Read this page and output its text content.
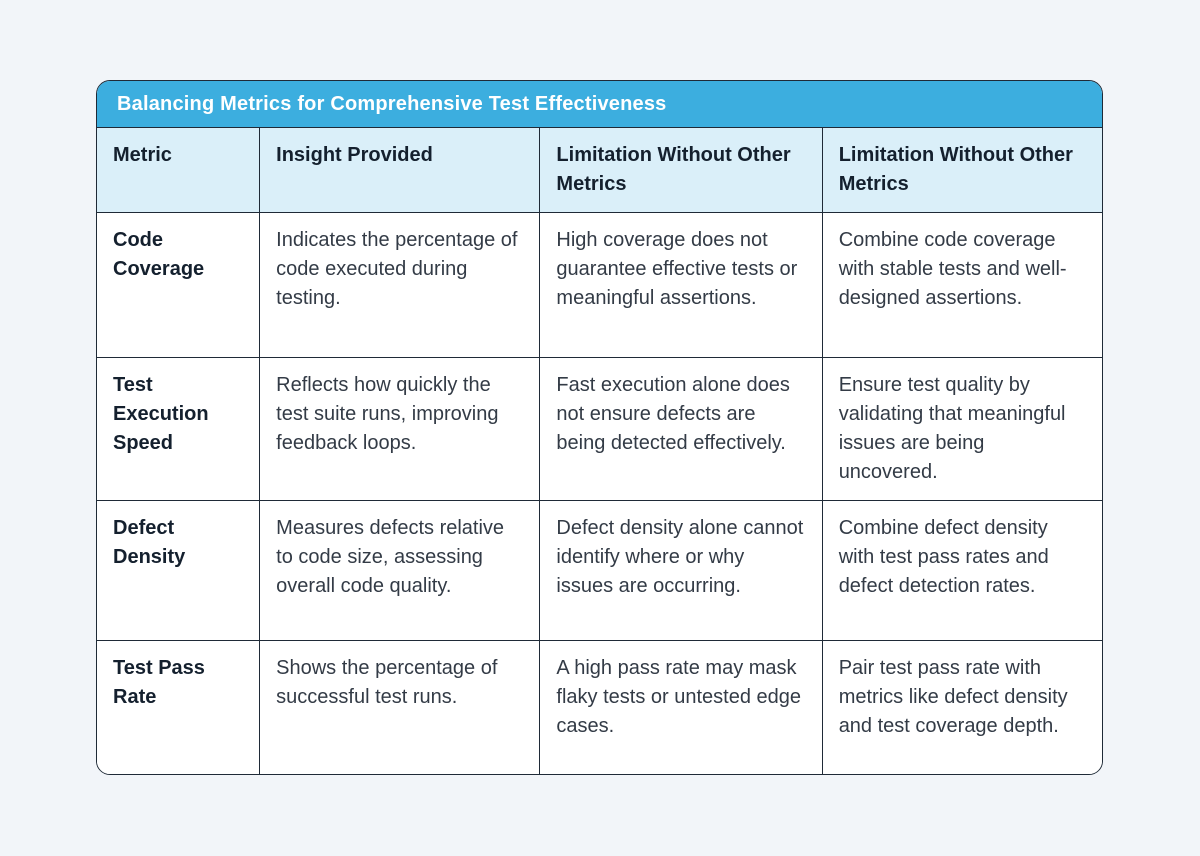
Balancing Metrics for Comprehensive Test Effectiveness
Metric	Insight Provided	Limitation Without Other Metrics	Limitation Without Other Metrics
Code Coverage	Indicates the percentage of code executed during testing.	High coverage does not guarantee effective tests or meaningful assertions.	Combine code coverage with stable tests and well-designed assertions.
Test Execution Speed	Reflects how quickly the test suite runs, improving feedback loops.	Fast execution alone does not ensure defects are being detected effectively.	Ensure test quality by validating that meaningful issues are being uncovered.
Defect Density	Measures defects relative to code size, assessing overall code quality.	Defect density alone cannot identify where or why issues are occurring.	Combine defect density with test pass rates and defect detection rates.
Test Pass Rate	Shows the percentage of successful test runs.	A high pass rate may mask flaky tests or untested edge cases.	Pair test pass rate with metrics like defect density and test coverage depth.
